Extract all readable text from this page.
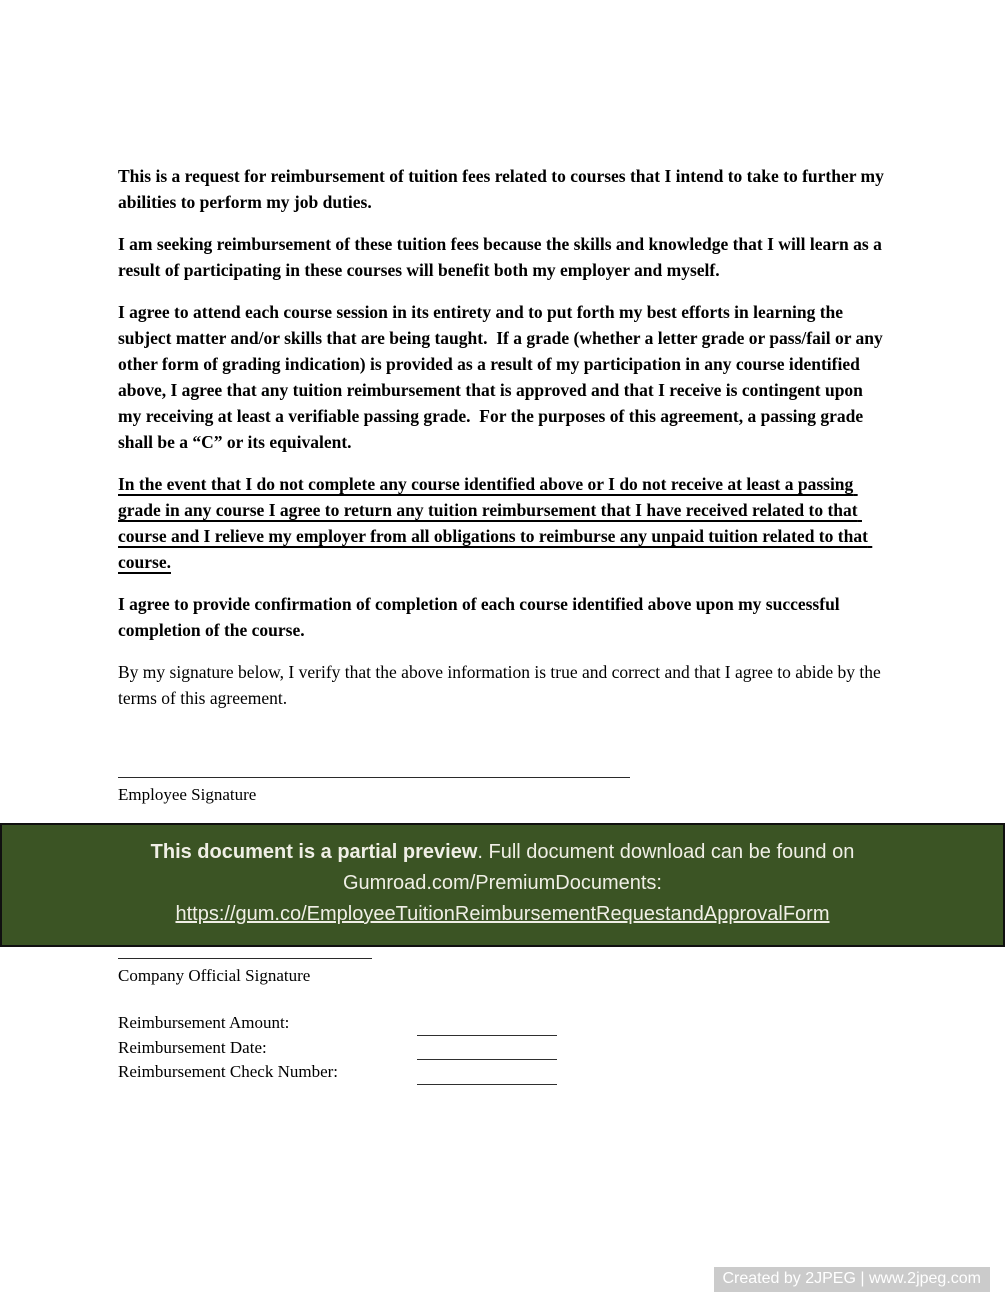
This is a request for reimbursement of tuition fees related to courses that I intend to take to further my abilities to perform my job duties.

I am seeking reimbursement of these tuition fees because the skills and knowledge that I will learn as a result of participating in these courses will benefit both my employer and myself.

I agree to attend each course session in its entirety and to put forth my best efforts in learning the subject matter and/or skills that are being taught.  If a grade (whether a letter grade or pass/fail or any other form of grading indication) is provided as a result of my participation in any course identified above, I agree that any tuition reimbursement that is approved and that I receive is contingent upon my receiving at least a verifiable passing grade.  For the purposes of this agreement, a passing grade shall be a “C” or its equivalent.

In the event that I do not complete any course identified above or I do not receive at least a passing grade in any course I agree to return any tuition reimbursement that I have received related to that course and I relieve my employer from all obligations to reimburse any unpaid tuition related to that course.

I agree to provide confirmation of completion of each course identified above upon my successful completion of the course.

By my signature below, I verify that the above information is true and correct and that I agree to abide by the terms of this agreement.

Employee Signature
This document is a partial preview. Full document download can be found on
Gumroad.com/PremiumDocuments:
https://gum.co/EmployeeTuitionReimbursementRequestandApprovalForm
Company Official Signature
Reimbursement Amount:
Reimbursement Date:
Reimbursement Check Number:
Created by 2JPEG | www.2jpeg.com
